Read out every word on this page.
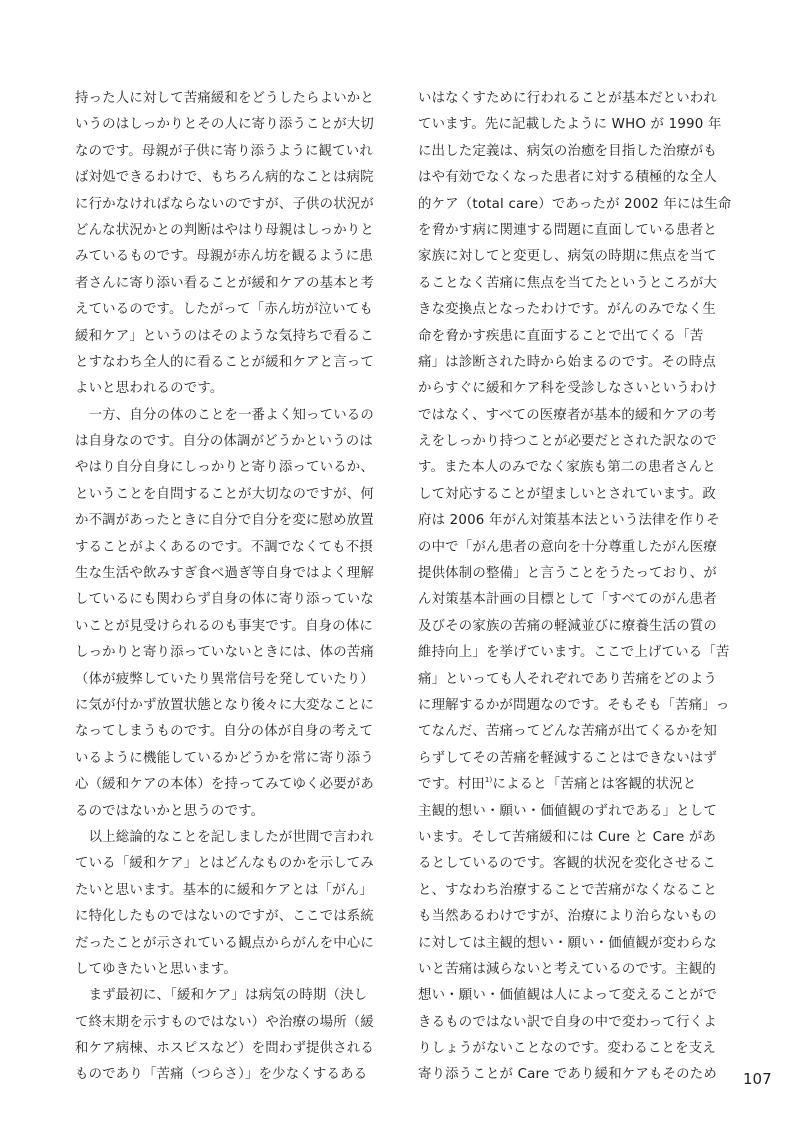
持った人に対して苦痛緩和をどうしたらよいかと
いうのはしっかりとその人に寄り添うことが大切
なのです。母親が子供に寄り添うように観ていれ
ば対処できるわけで、もちろん病的なことは病院
に行かなければならないのですが、子供の状況が
どんな状況かとの判断はやはり母親はしっかりと
みているものです。母親が赤ん坊を観るように患
者さんに寄り添い看ることが緩和ケアの基本と考
えているのです。したがって「赤ん坊が泣いても
緩和ケア」というのはそのような気持ちで看るこ
とすなわち全人的に看ることが緩和ケアと言って
よいと思われるのです。
　一方、自分の体のことを一番よく知っているの
は自身なのです。自分の体調がどうかというのは
やはり自分自身にしっかりと寄り添っているか、
ということを自問することが大切なのですが、何
か不調があったときに自分で自分を変に慰め放置
することがよくあるのです。不調でなくても不摂
生な生活や飲みすぎ食べ過ぎ等自身ではよく理解
しているにも関わらず自身の体に寄り添っていな
いことが見受けられるのも事実です。自身の体に
しっかりと寄り添っていないときには、体の苦痛
（体が疲弊していたり異常信号を発していたり）
に気が付かず放置状態となり後々に大変なことに
なってしまうものです。自分の体が自身の考えて
いるように機能しているかどうかを常に寄り添う
心（緩和ケアの本体）を持ってみてゆく必要があ
るのではないかと思うのです。
　以上総論的なことを記しましたが世間で言われ
ている「緩和ケア」とはどんなものかを示してみ
たいと思います。基本的に緩和ケアとは「がん」
に特化したものではないのですが、ここでは系統
だったことが示されている観点からがんを中心に
してゆきたいと思います。
　まず最初に、「緩和ケア」は病気の時期（決し
て終末期を示すものではない）や治療の場所（緩
和ケア病棟、ホスピスなど）を問わず提供される
ものであり「苦痛（つらさ）」を少なくするある
いはなくすために行われることが基本だといわれ
ています。先に記載したように WHO が 1990 年
に出した定義は、病気の治癒を目指した治療がも
はや有効でなくなった患者に対する積極的な全人
的ケア（total care）であったが 2002 年には生命
を脅かす病に関連する問題に直面している患者と
家族に対してと変更し、病気の時期に焦点を当て
ることなく苦痛に焦点を当てたというところが大
きな変換点となったわけです。がんのみでなく生
命を脅かす疾患に直面することで出てくる「苦
痛」は診断された時から始まるのです。その時点
からすぐに緩和ケア科を受診しなさいというわけ
ではなく、すべての医療者が基本的緩和ケアの考
えをしっかり持つことが必要だとされた訳なので
す。また本人のみでなく家族も第二の患者さんと
して対応することが望ましいとされています。政
府は 2006 年がん対策基本法という法律を作りそ
の中で「がん患者の意向を十分尊重したがん医療
提供体制の整備」と言うことをうたっており、が
ん対策基本計画の目標として「すべてのがん患者
及びその家族の苦痛の軽減並びに療養生活の質の
維持向上」を挙げています。ここで上げている「苦
痛」といっても人それぞれであり苦痛をどのよう
に理解するかが問題なのです。そもそも「苦痛」っ
てなんだ、苦痛ってどんな苦痛が出てくるかを知
らずしてその苦痛を軽減することはできないはず
です。村田$^{1)}$によると「苦痛とは客観的状況と
主観的想い・願い・価値観のずれである」として
います。そして苦痛緩和には Cure と Care があ
るとしているのです。客観的状況を変化させるこ
と、すなわち治療することで苦痛がなくなること
も当然あるわけですが、治療により治らないもの
に対しては主観的想い・願い・価値観が変わらな
いと苦痛は減らないと考えているのです。主観的
想い・願い・価値観は人によって変えることがで
きるものではない訳で自身の中で変わって行くよ
りしょうがないことなのです。変わることを支え
寄り添うことが Care であり緩和ケアもそのため	107
